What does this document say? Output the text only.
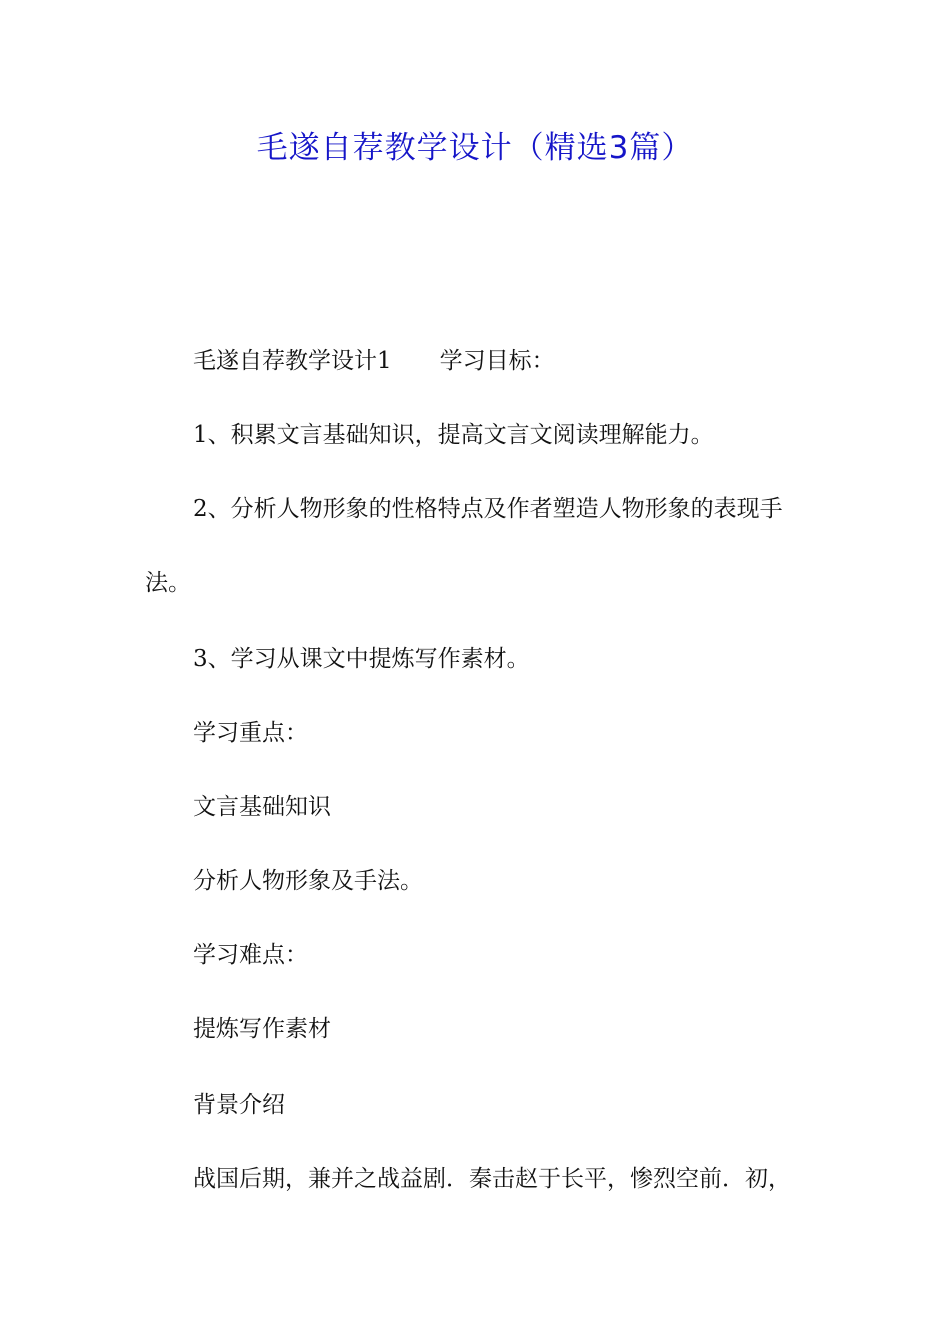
毛遂自荐教学设计（精选3篇）
毛遂自荐教学设计1 学习目标：
1、积累文言基础知识，提高文言文阅读理解能力。
2、分析人物形象的性格特点及作者塑造人物形象的表现手
法。
3、学习从课文中提炼写作素材。
学习重点：
文言基础知识
分析人物形象及手法。
学习难点：
提炼写作素材
背景介绍
战国后期，兼并之战益剧．秦击赵于长平，惨烈空前．初，
